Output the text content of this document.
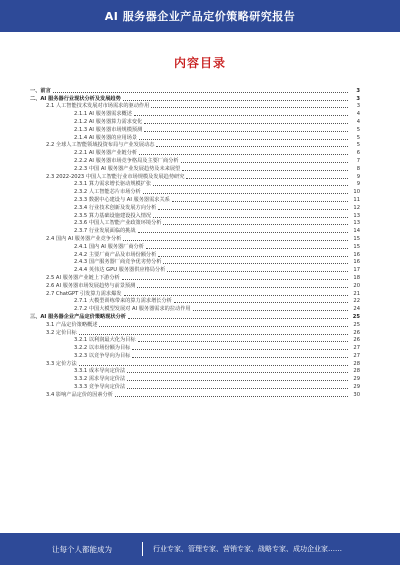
AI 服务器企业产品定价策略研究报告
内容目录
一、前言	3
二、AI 服务器行业现状分析及发展趋势	3
2.1 人工智能技术发展对市场需求的驱动作用	3
2.1.1 AI 服务器需求概述	4
2.1.2 AI 服务器算力需求变化	4
2.1.3 AI 服务器市场规模预测	5
2.1.4 AI 服务器的应用场景	5
2.2 全球人工智能领域投资布局与产业发展动态	5
2.2.1 AI 服务器产业链分析	6
2.2.2 AI 服务器市场竞争格局及主要厂商分析	7
2.2.3 中国 AI 服务器产业发展趋势及未来展望	8
2.3 2022-2023 中国人工智能行业市场规模及发展趋势研究	9
2.3.1 算力需求增长驱动规模扩张	9
2.3.2 人工智能芯片市场分析	10
2.3.3 数据中心建设与 AI 服务器需求关系	11
2.3.4 行业技术创新及发展方向分析	12
2.3.5 算力基础设施建设投入情况	13
2.3.6 中国人工智能产业政策环境分析	13
2.3.7 行业发展面临的挑战	14
2.4 国内 AI 服务器产业竞争分析	15
2.4.1 国内 AI 服务器厂商分析	15
2.4.2 主要厂商产品及市场份额分析	16
2.4.3 国产服务器厂商竞争优劣势分析	16
2.4.4 英伟达 GPU 服务器供应格局分析	17
2.5 AI 服务器产业链上下游分析	18
2.6 AI 服务器市场发展趋势与前景预测	20
2.7 ChatGPT 引发算力需求爆发	21
2.7.1 大模型训练带来的算力需求增长分析	22
2.7.2 中国大模型发展对 AI 服务器需求的拉动作用	24
三、AI 服务器企业产品定价策略现状分析	25
3.1 产品定价策略概述	25
3.2 定价目标	26
3.2.1 以利润最大化为目标	26
3.2.2 以市场份额为目标	27
3.2.3 以竞争导向为目标	27
3.3 定价方法	28
3.3.1 成本导向定价法	28
3.3.2 需求导向定价法	29
3.3.3 竞争导向定价法	29
3.4 影响产品定价的因素分析	30
让每个人都能成为	行业专家、管理专家、营销专家、战略专家、成功企业家……
